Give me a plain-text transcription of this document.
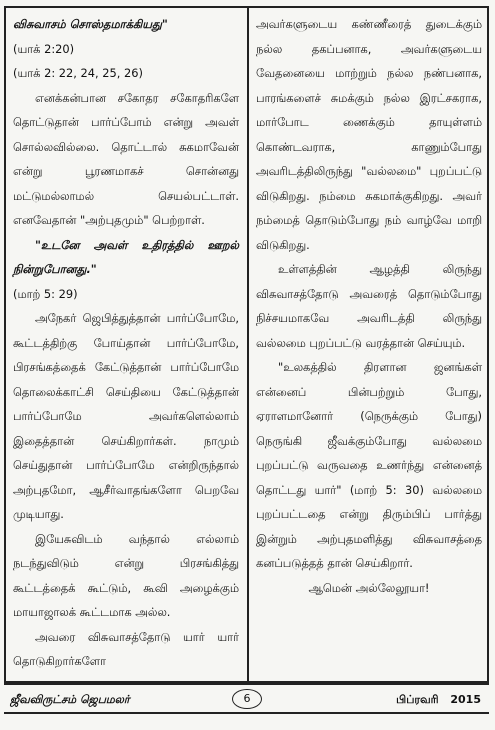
விசுவாசம் சொஸ்தமாக்கியது"
(யாக் 2:20)
(யாக் 2: 22, 24, 25, 26)
எனக்கன்பான சகோதர சகோதரிகளே தொட்டுதான் பார்ப்போம் என்று அவள் சொல்லவில்லை. தொட்டால் சுகமாவேன் என்று பூரணமாகச் சொன்னது மட்டுமல்லாமல் செயல்பட்டாள். எனவேதான் "அற்புதமும்" பெற்றாள்.
"உடனே அவள் உதிரத்தில் ஊறல் நின்றுபோனது."
(மாற் 5: 29)
அநேகர் ஜெபித்துத்தான் பார்ப்போமே, கூட்டத்திற்கு போய்தான் பார்ப்போமே, பிரசங்கத்தைக் கேட்டுத்தான் பார்ப்போமே தொலைக்காட்சி செய்தியை கேட்டுத்தான் பார்ப்போமே அவர்களெல்லாம் இதைத்தான் செய்கிறார்கள். நாமும் செய்துதான் பார்ப்போமே என்றிருந்தால் அற்புதமோ, ஆசீர்வாதங்களோ பெறவே முடியாது.
இயேசுவிடம் வந்தால் எல்லாம் நடந்துவிடும் என்று பிரசங்கித்து கூட்டத்தைக் கூட்டும், கூவி அழைக்கும் மாயாஜாலக் கூட்டமாக அல்ல.
அவரை விசுவாசத்தோடு யார் யார் தொடுகிறார்களோ
அவர்களுடைய கண்ணீரைத் துடைக்கும் நல்ல தகப்பனாக, அவர்களுடைய வேதனையை மாற்றும் நல்ல நண்பனாக, பாரங்களைச் சுமக்கும் நல்ல இரட்சகராக, மார்போட ணைக்கும் தாயுள்ளம் கொண்டவராக, காணும்போது அவரிடத்திலிருந்து "வல்லமை" புறப்பட்டு விடுகிறது. நம்மை சுகமாக்குகிறது. அவர் நம்மைத் தொடும்போது நம் வாழ்வே மாறி விடுகிறது.
உள்ளத்தின் ஆழத்தி லிருந்து விசுவாசத்தோடு அவரைத் தொடும்போது நிச்சயமாகவே அவரிடத்தி லிருந்து வல்லமை புறப்பட்டு வரத்தான் செய்யும்.
"உலகத்தில் திரளான ஜனங்கள் என்னைப் பின்பற்றும் போது, ஏராளமானோர் (நெருக்கும் போது) நெருங்கி ஜீவக்கும்போது வல்லமை புறப்பட்டு வருவதை உணர்ந்து என்னைத் தொட்டது யார்" (மாற் 5: 30) வல்லமை புறப்பட்டதை என்று திரும்பிப் பார்த்து இன்றும் அற்புதமளித்து விசுவாசத்தை கனப்படுத்தத் தான் செய்கிறார்.
ஆமென் அல்லேலூயா!
ஜீவவிருட்சம் ஜெபமலர்	6	பிப்ரவரி 2015
